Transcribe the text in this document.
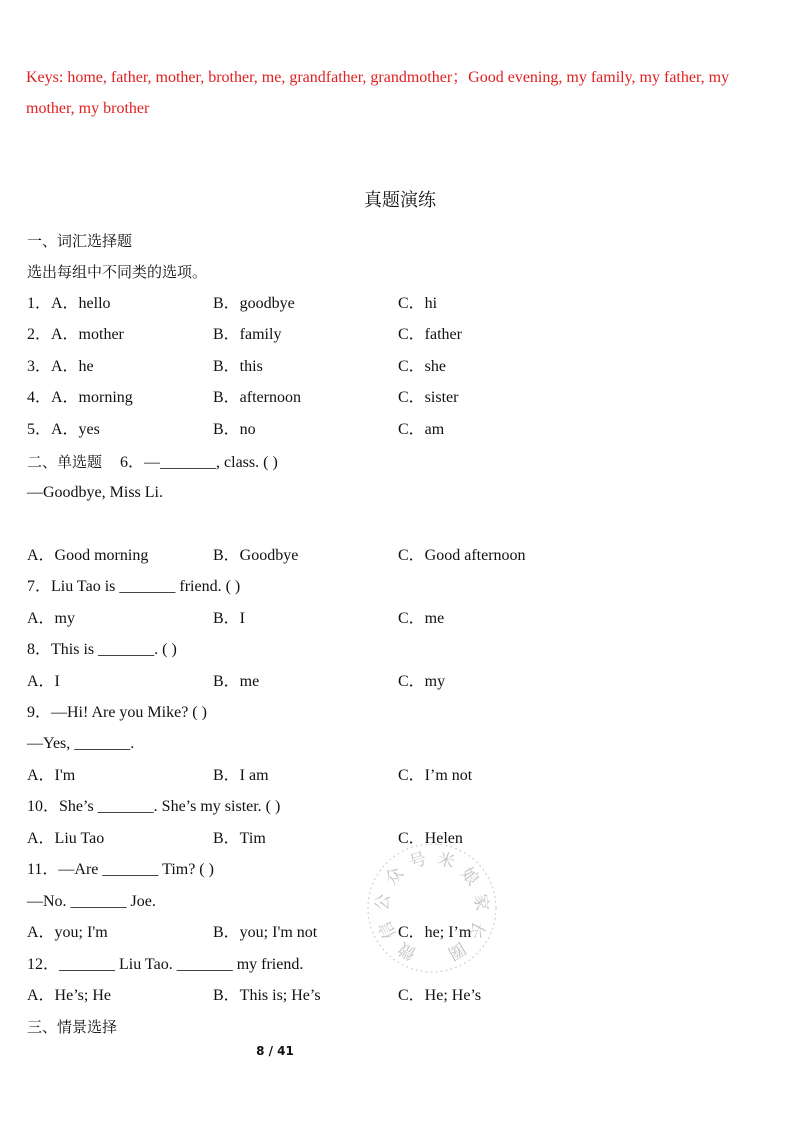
Keys: home, father, mother, brother, me, grandfather, grandmother；Good evening, my family, my father, my mother, my brother
真题演练
一、词汇选择题
选出每组中不同类的选项。
1．A．hello	B．goodbye	C．hi
2．A．mother	B．family	C．father
3．A．he	B．this	C．she
4．A．morning	B．afternoon	C．sister
5．A．yes	B．no	C．am
二、单选题 6．—_______, class. ( )
—Goodbye, Miss Li.
A．Good morning	B．Goodbye	C．Good afternoon
7．Liu Tao is _______ friend. ( )
A．my	B．I	C．me
8．This is _______. ( )
A．I	B．me	C．my
9．—Hi! Are you Mike? ( )
—Yes, _______.
A．I'm	B．I am	C．I’m not
10．She’s _______. She’s my sister. ( )
A．Liu Tao	B．Tim	C．Helen
11．—Are _______ Tim? ( )
—No. _______ Joe.
A．you; I'm	B．you; I'm not	C．he; I’m
12．_______ Liu Tao. _______ my friend.
A．He’s; He	B．This is; He’s	C．He; He’s
三、情景选择
8 / 41
微
信
公
众
号 米
娘
家
长
圈
